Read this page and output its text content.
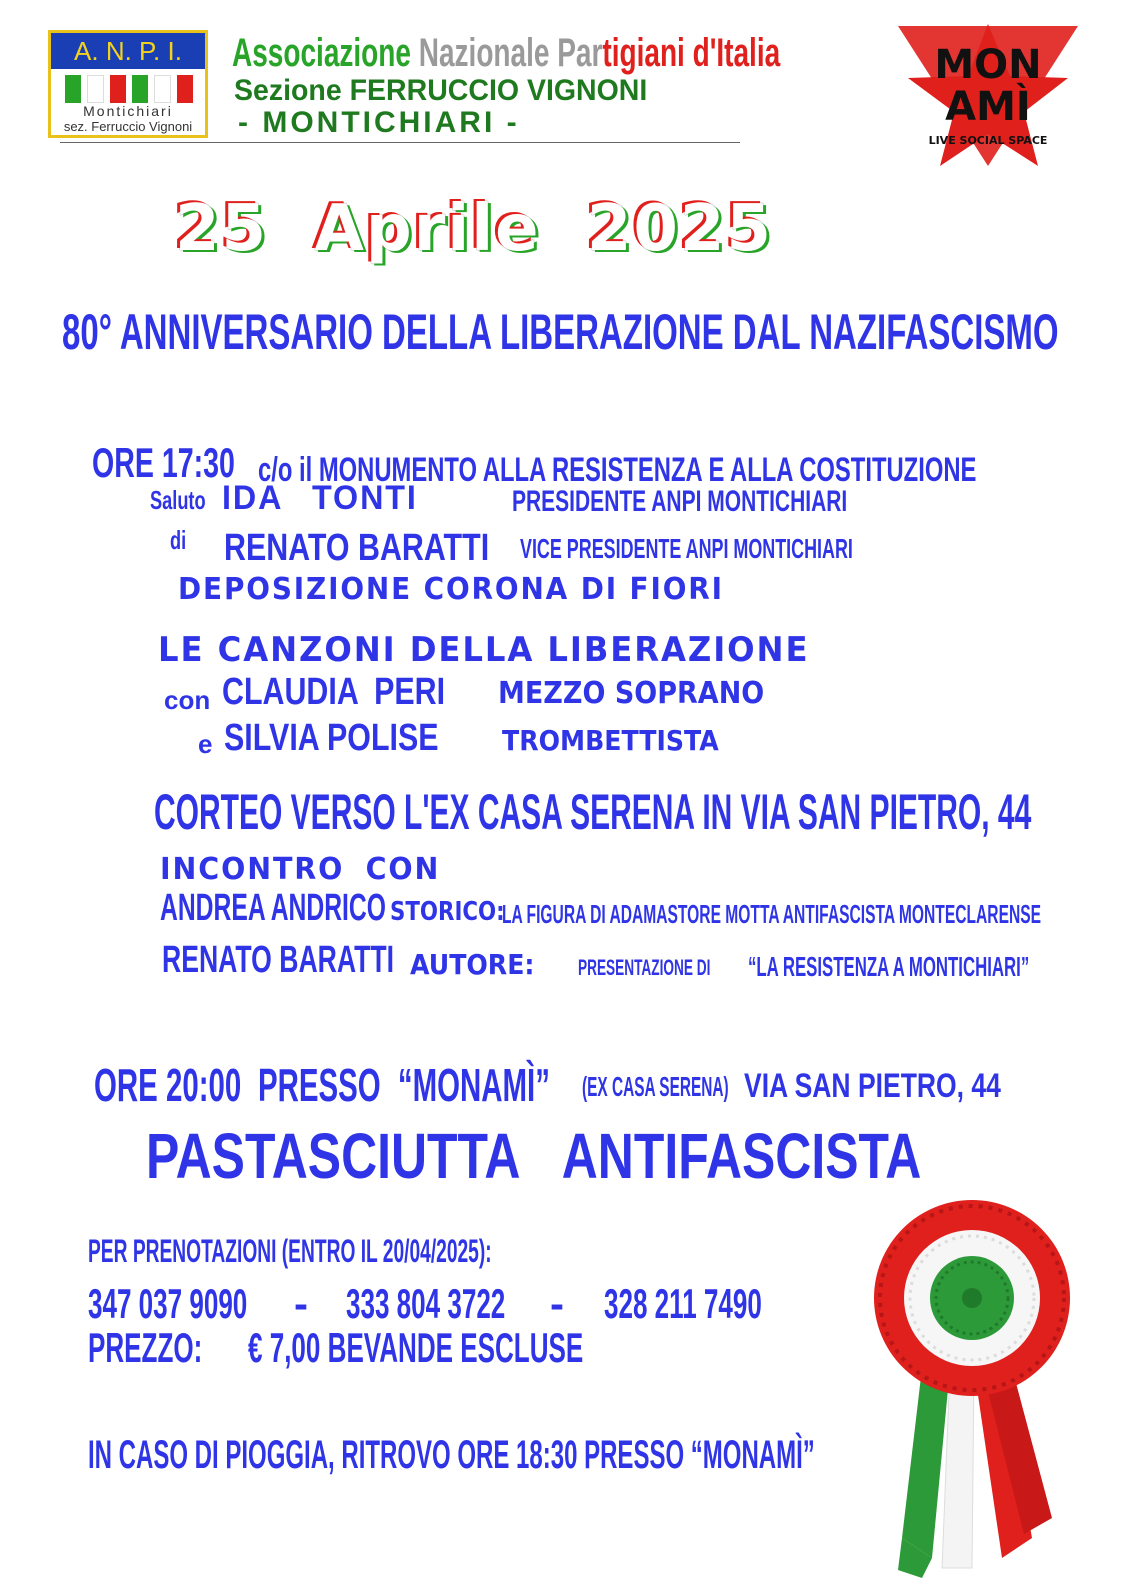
A. N. P. I.
Montichiari
sez. Ferruccio Vignoni
Associazione Nazionale Partigiani d'Italia
Sezione FERRUCCIO VIGNONI
- MONTICHIARI -
MON
AMÌ
LIVE SOCIAL SPACE
25 Aprile 2025
80° ANNIVERSARIO DELLA LIBERAZIONE DAL NAZIFASCISMO
ORE 17:30 c/o il MONUMENTO ALLA RESISTENZA E ALLA COSTITUZIONE
Saluto IDA TONTI	PRESIDENTE ANPI MONTICHIARI
di RENATO BARATTI	VICE PRESIDENTE ANPI MONTICHIARI
DEPOSIZIONE CORONA DI FIORI
LE CANZONI DELLA LIBERAZIONE
con CLAUDIA PERI	MEZZO SOPRANO
e SILVIA POLISE	TROMBETTISTA
CORTEO VERSO L'EX CASA SERENA IN VIA SAN PIETRO, 44
INCONTRO CON
ANDREA ANDRICO STORICO:
LA FIGURA DI ADAMASTORE MOTTA ANTIFASCISTA MONTECLARENSE
RENATO BARATTI AUTORE:	PRESENTAZIONE DI	“LA RESISTENZA A MONTICHIARI”
ORE 20:00 PRESSO “MONAMÌ”	(EX CASA SERENA) VIA SAN PIETRO, 44
PASTASCIUTTA ANTIFASCISTA
PER PRENOTAZIONI (ENTRO IL 20/04/2025):
347 037 9090	- 333 804 3722	- 328 211 7490
PREZZO:	€ 7,00 BEVANDE ESCLUSE
IN CASO DI PIOGGIA, RITROVO ORE 18:30 PRESSO “MONAMÌ”
